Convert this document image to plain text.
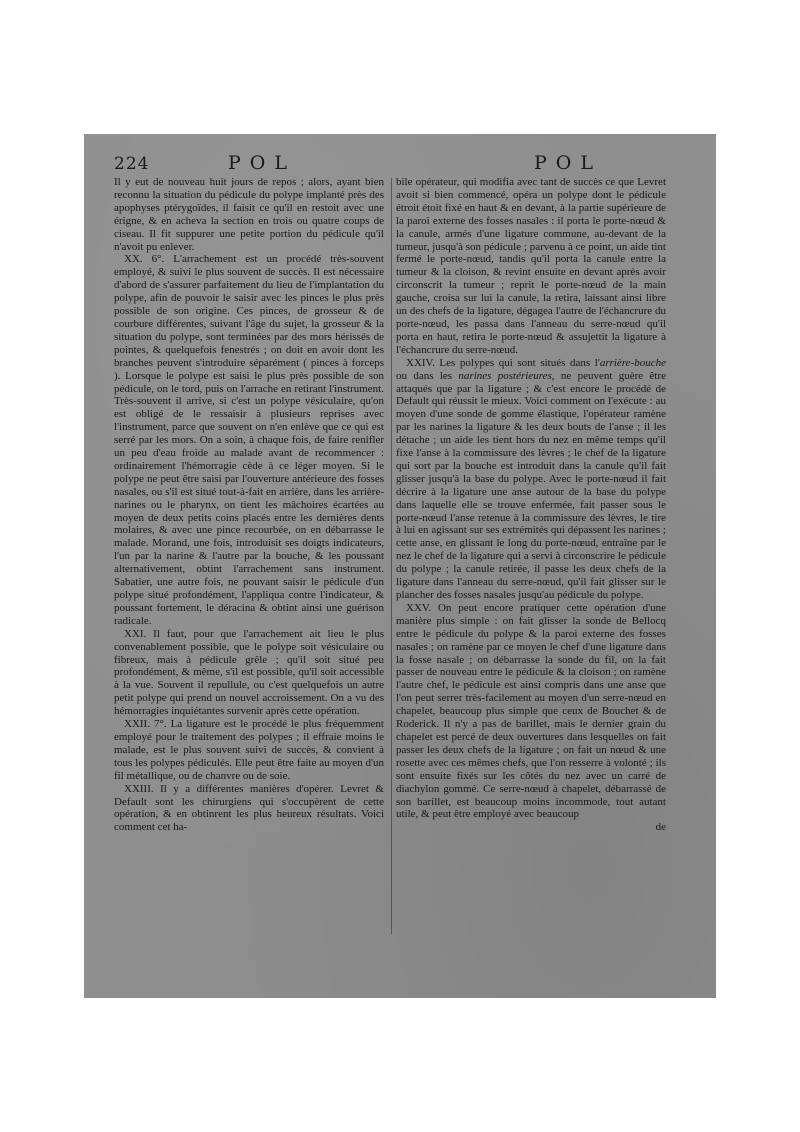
224	POL	POL

Il y eut de nouveau huit jours de repos ; alors, ayant bien reconnu la situation du pédicule du polype implanté près des apophyses ptérygoïdes, il faisit ce qu'il en restoit avec une érigne, & en acheva la section en trois ou quatre coups de ciseau. Il fit suppurer une petite portion du pédicule qu'il n'avoit pu enlever.

XX. 6°. L'arrachement est un procédé très-souvent employé, & suivi le plus souvent de succès. Il est nécessaire d'abord de s'assurer parfaitement du lieu de l'implantation du polype, afin de pouvoir le saisir avec les pinces le plus près possible de son origine. Ces pinces, de grosseur & de courbure différentes, suivant l'âge du sujet, la grosseur & la situation du polype, sont terminées par des mors hérissés de pointes, & quelquefois fenestrés ; on doit en avoir dont les branches peuvent s'introduire séparément ( pinces à forceps ). Lorsque le polype est saisi le plus près possible de son pédicule, on le tord, puis on l'arrache en retirant l'instrument. Très-souvent il arrive, si c'est un polype vésiculaire, qu'on est obligé de le ressaisir à plusieurs reprises avec l'instrument, parce que souvent on n'en enlève que ce qui est serré par les mors. On a soin, à chaque fois, de faire renifler un peu d'eau froide au malade avant de recommencer : ordinairement l'hémorragie cède à ce léger moyen. Si le polype ne peut être saisi par l'ouverture antérieure des fosses nasales, ou s'il est situé tout-à-fait en arrière, dans les arrière-narines ou le pharynx, on tient les mâchoires écartées au moyen de deux petits coins placés entre les dernières dents molaires, & avec une pince recourbée, on en débarrasse le malade. Morand, une fois, introduisit ses doigts indicateurs, l'un par la narine & l'autre par la bouche, & les poussant alternativement, obtint l'arrachement sans instrument. Sabatier, une autre fois, ne pouvant saisir le pédicule d'un polype situé profondément, l'appliqua contre l'indicateur, & poussant fortement, le déracina & obtint ainsi une guérison radicale.

XXI. Il faut, pour que l'arrachement ait lieu le plus convenablement possible, que le polype soit vésiculaire ou fibreux, mais à pédicule grêle ; qu'il soit situé peu profondément, & même, s'il est possible, qu'il soit accessible à la vue. Souvent il repullule, ou c'est quelquefois un autre petit polype qui prend un nouvel accroissement. On a vu des hémorragies inquiétantes survenir après cette opération.

XXII. 7°. La ligature est le procédé le plus fréquemment employé pour le traitement des polypes ; il effraie moins le malade, est le plus souvent suivi de succès, & convient à tous les polypes pédiculés. Elle peut être faite au moyen d'un fil métallique, ou de chanvre ou de soie.

XXIII. Il y a différentes manières d'opérer. Levret & Default sont les chirurgiens qui s'occupèrent de cette opération, & en obtinrent les plus heureux résultats. Voici comment cet ha-

bile opérateur, qui modifia avec tant de succès ce que Levret avoit si bien commencé, opéra un polype dont le pédicule étroit étoit fixé en haut & en devant, à la partie supérieure de la paroi externe des fosses nasales : il porta le porte-nœud & la canule, armés d'une ligature commune, au-devant de la tumeur, jusqu'à son pédicule ; parvenu à ce point, un aide tint fermé le porte-nœud, tandis qu'il porta la canule entre la tumeur & la cloison, & revint ensuite en devant après avoir circonscrit la tumeur ; reprit le porte-nœud de la main gauche, croisa sur lui la canule, la retira, laissant ainsi libre un des chefs de la ligature, dégagea l'autre de l'échancrure du porte-nœud, les passa dans l'anneau du serre-nœud qu'il porta en haut, retira le porte-nœud & assujettit la ligature à l'échancrure du serre-nœud.

XXIV. Les polypes qui sont situés dans l'arrière-bouche ou dans les narines postérieures, ne peuvent guère être attaqués que par la ligature ; & c'est encore le procédé de Default qui réussit le mieux. Voici comment on l'exécute : au moyen d'une sonde de gomme élastique, l'opérateur ramène par les narines la ligature & les deux bouts de l'anse ; il les détache ; un aide les tient hors du nez en même temps qu'il fixe l'anse à la commissure des lèvres ; le chef de la ligature qui sort par la bouche est introduit dans la canule qu'il fait glisser jusqu'à la base du polype. Avec le porte-nœud il fait décrire à la ligature une anse autour de la base du polype dans laquelle elle se trouve enfermée, fait passer sous le porte-nœud l'anse retenue à la commissure des lèvres, le tire à lui en agissant sur ses extrémités qui dépassent les narines ; cette anse, en glissant le long du porte-nœud, entraîne par le nez le chef de la ligature qui a servi à circonscrire le pédicule du polype ; la canule retirée, il passe les deux chefs de la ligature dans l'anneau du serre-nœud, qu'il fait glisser sur le plancher des fosses nasales jusqu'au pédicule du polype.

XXV. On peut encore pratiquer cette opération d'une manière plus simple : on fait glisser la sonde de Bellocq entre le pédicule du polype & la paroi externe des fosses nasales ; on ramène par ce moyen le chef d'une ligature dans la fosse nasale ; on débarrasse la sonde du fil, on la fait passer de nouveau entre le pédicule & la cloison ; on ramène l'autre chef, le pédicule est ainsi compris dans une anse que l'on peut serrer très-facilement au moyen d'un serre-nœud en chapelet, beaucoup plus simple que ceux de Bouchet & de Roderick. Il n'y a pas de barillet, mais le dernier grain du chapelet est percé de deux ouvertures dans lesquelles on fait passer les deux chefs de la ligature ; on fait un nœud & une rosette avec ces mêmes chefs, que l'on resserre à volonté ; ils sont ensuite fixés sur les côtés du nez avec un carré de diachylon gommé. Ce serre-nœud à chapelet, débarrassé de son barillet, est beaucoup moins incommode, tout autant utile, & peut être employé avec beaucoup

de
